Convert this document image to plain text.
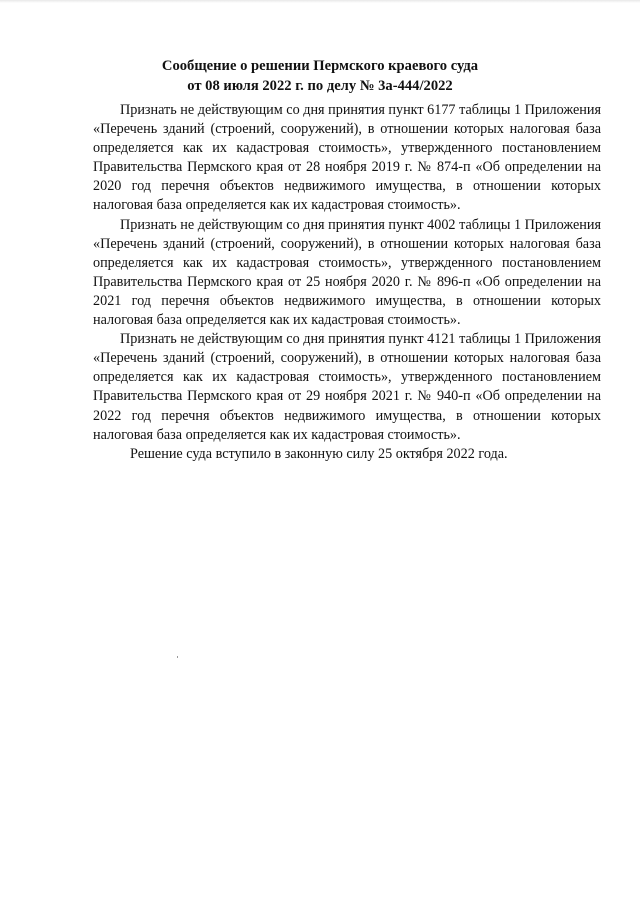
Сообщение о решении Пермского краевого суда
от 08 июля 2022 г. по делу № 3а-444/2022

Признать не действующим со дня принятия пункт 6177 таблицы 1 Приложения «Перечень зданий (строений, сооружений), в отношении которых налоговая база определяется как их кадастровая стоимость», утвержденного постановлением Правительства Пермского края от 28 ноября 2019 г. № 874-п «Об определении на 2020 год перечня объектов недвижимого имущества, в отношении которых налоговая база определяется как их кадастровая стоимость».

Признать не действующим со дня принятия пункт 4002 таблицы 1 Приложения «Перечень зданий (строений, сооружений), в отношении которых налоговая база определяется как их кадастровая стоимость», утвержденного постановлением Правительства Пермского края от 25 ноября 2020 г. № 896-п «Об определении на 2021 год перечня объектов недвижимого имущества, в отношении которых налоговая база определяется как их кадастровая стоимость».

Признать не действующим со дня принятия пункт 4121 таблицы 1 Приложения «Перечень зданий (строений, сооружений), в отношении которых налоговая база определяется как их кадастровая стоимость», утвержденного постановлением Правительства Пермского края от 29 ноября 2021 г. № 940-п «Об определении на 2022 год перечня объектов недвижимого имущества, в отношении которых налоговая база определяется как их кадастровая стоимость».

Решение суда вступило в законную силу 25 октября 2022 года.
